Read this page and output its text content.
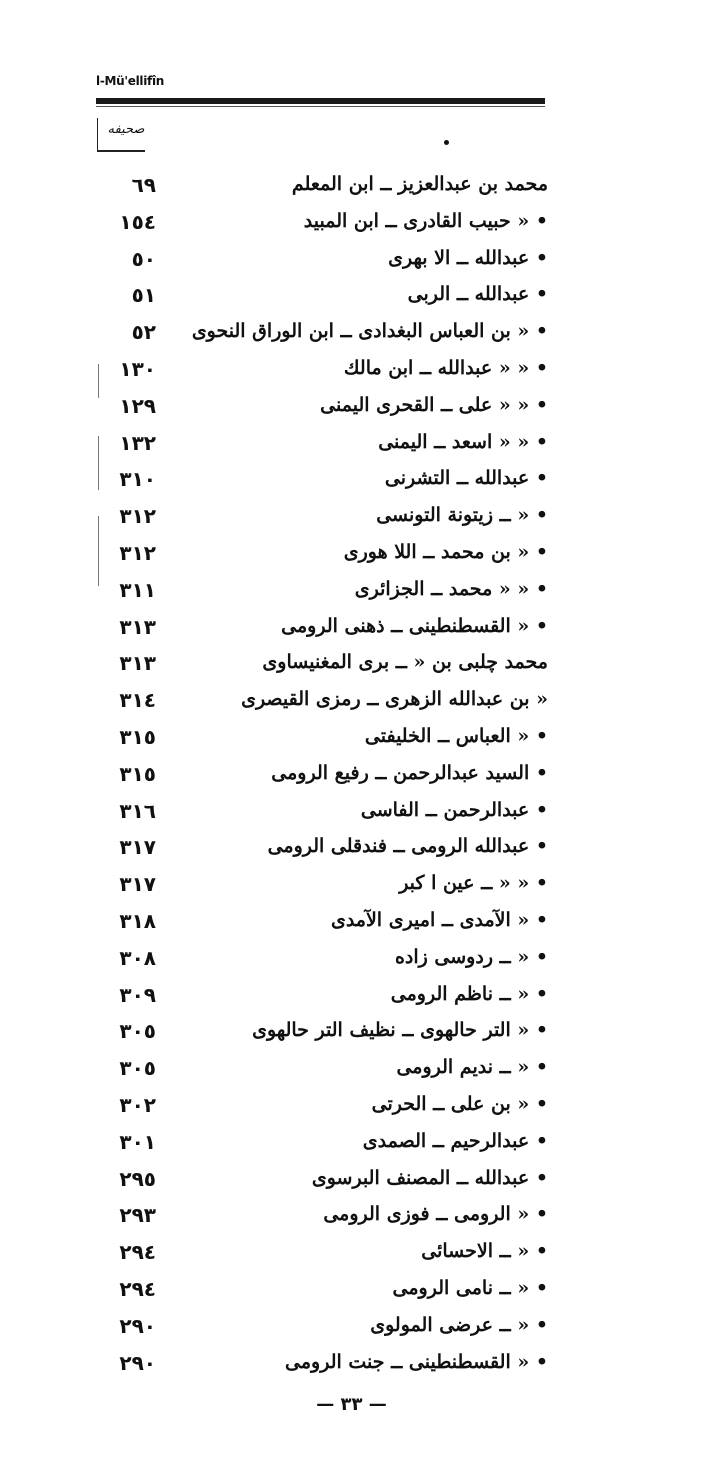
l-Mü'ellifîn
صحيفه
٦٩	محمد بن عبدالعزيز ــ ابن المعلم
١٥٤	• « حبيب القادرى ــ ابن المبيد
٥٠	• عبدالله ــ الا بهرى
٥١	• عبدالله ــ الربى
٥٢ • « بن العباس البغدادى ــ ابن الوراق النحوى
١٣٠	• « « عبدالله ــ ابن مالك
١٢٩	• « « على ــ القحرى اليمنى
١٣٢	• « « اسعد ــ اليمنى
٣١٠	• عبدالله ــ التشرنى
٣١٢	• « ــ زيتونة التونسى
٣١٢	• « بن محمد ــ اللا هورى
٣١١	• « « محمد ــ الجزائرى
٣١٣	• « القسطنطينى ــ ذهنى الرومى
٣١٣	محمد چلبى بن « ــ برى المغنيساوى
٣١٤	« بن عبدالله الزهرى ــ رمزى القيصرى
٣١٥	• « العباس ــ الخليفتى
٣١٥	• السيد عبدالرحمن ــ رفيع الرومى
٣١٦	• عبدالرحمن ــ الفاسى
٣١٧	• عبدالله الرومى ــ فندقلى الرومى
٣١٧	• « « ــ عين ا كبر
٣١٨	• « الآمدى ــ اميرى الآمدى
٣٠٨	• « ــ ردوسى زاده
٣٠٩	• « ــ ناظم الرومى
٣٠٥	• « التر حالهوى ــ نظيف التر حالهوى
٣٠٥	• « ــ نديم الرومى
٣٠٢	• « بن على ــ الحرتى
٣٠١	• عبدالرحيم ــ الصمدى
٢٩٥	• عبدالله ــ المصنف البرسوى
٢٩٣	• « الرومى ــ فوزى الرومى
٢٩٤	• « ــ الاحسائى
٢٩٤	• « ــ نامى الرومى
٢٩٠	• « ــ عرضى المولوى
٢٩٠	• « القسطنطينى ــ جنت الرومى
— ٣٣ —
